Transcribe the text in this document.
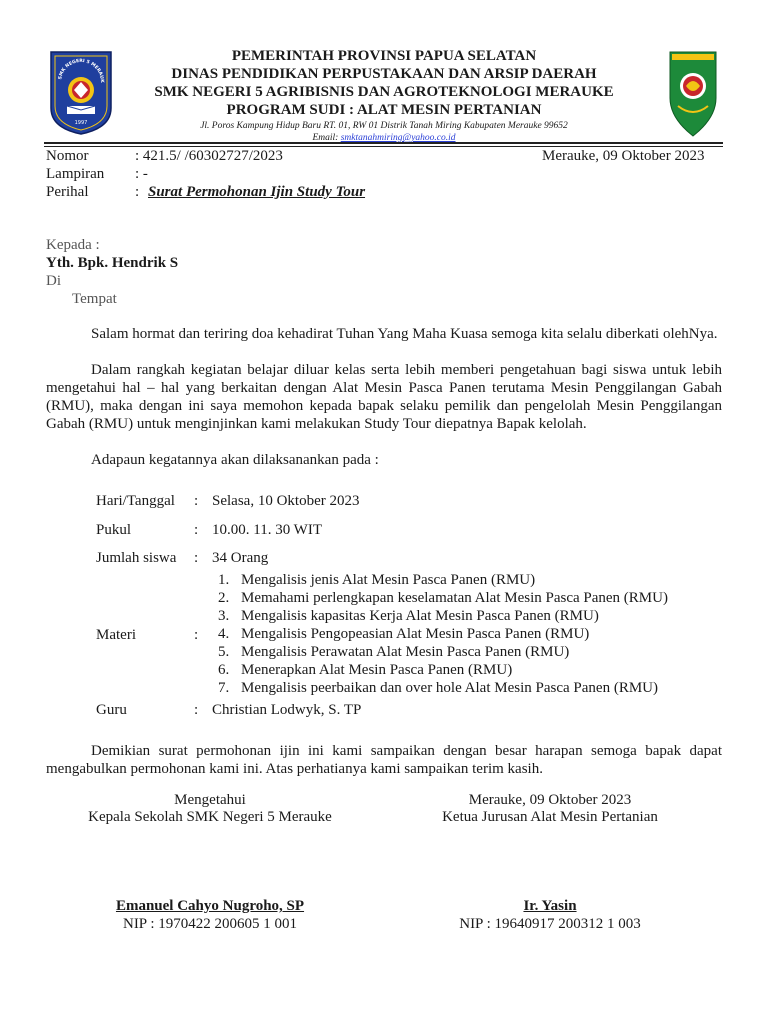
SMK NEGERI 5 MERAUK
1997
PEMERINTAH PROVINSI PAPUA SELATAN
DINAS PENDIDIKAN PERPUSTAKAAN DAN ARSIP DAERAH
SMK NEGERI 5 AGRIBISNIS DAN AGROTEKNOLOGI MERAUKE
PROGRAM SUDI : ALAT MESIN PERTANIAN
Jl. Poros Kampung Hidup Baru RT. 01, RW 01 Distrik Tanah Miring Kabupaten Merauke 99652
Email: smktanahmiring@yahoo.co.id
Nomor	: 421.5/ /60302727/2023	Merauke, 09 Oktober 2023
Lampiran : -
Perihal	: Surat Permohonan Ijin Study Tour
Kepada :
Yth. Bpk. Hendrik S
Di
Tempat
Salam hormat dan teriring doa kehadirat Tuhan Yang Maha Kuasa semoga kita selalu diberkati olehNya.
Dalam rangkah kegiatan belajar diluar kelas serta lebih memberi pengetahuan bagi siswa untuk lebih mengetahui hal – hal yang berkaitan dengan Alat Mesin Pasca Panen terutama Mesin Penggilangan Gabah (RMU), maka dengan ini saya memohon kepada bapak selaku pemilik dan pengelolah Mesin Penggilangan Gabah (RMU) untuk menginjinkan kami melakukan Study Tour diepatnya Bapak kelolah.
Adapaun kegatannya akan dilaksanankan pada :
Hari/Tanggal : Selasa, 10 Oktober 2023
Pukul	: 10.00. 11. 30 WIT
Jumlah siswa : 34 Orang
Materi	:
1. Mengalisis jenis Alat Mesin Pasca Panen (RMU)
2. Memahami perlengkapan keselamatan Alat Mesin Pasca Panen (RMU)
3. Mengalisis kapasitas Kerja Alat Mesin Pasca Panen (RMU)
4. Mengalisis Pengopeasian Alat Mesin Pasca Panen (RMU)
5. Mengalisis Perawatan Alat Mesin Pasca Panen (RMU)
6. Menerapkan Alat Mesin Pasca Panen (RMU)
7. Mengalisis peerbaikan dan over hole Alat Mesin Pasca Panen (RMU)
Guru	: Christian Lodwyk, S. TP
Demikian surat permohonan ijin ini kami sampaikan dengan besar harapan semoga bapak dapat mengabulkan permohonan kami ini. Atas perhatianya kami sampaikan terim kasih.
Mengetahui
Kepala Sekolah SMK Negeri 5 Merauke
Emanuel Cahyo Nugroho, SP
NIP : 1970422 200605 1 001
Merauke, 09 Oktober 2023
Ketua Jurusan Alat Mesin Pertanian
Ir. Yasin
NIP : 19640917 200312 1 003
